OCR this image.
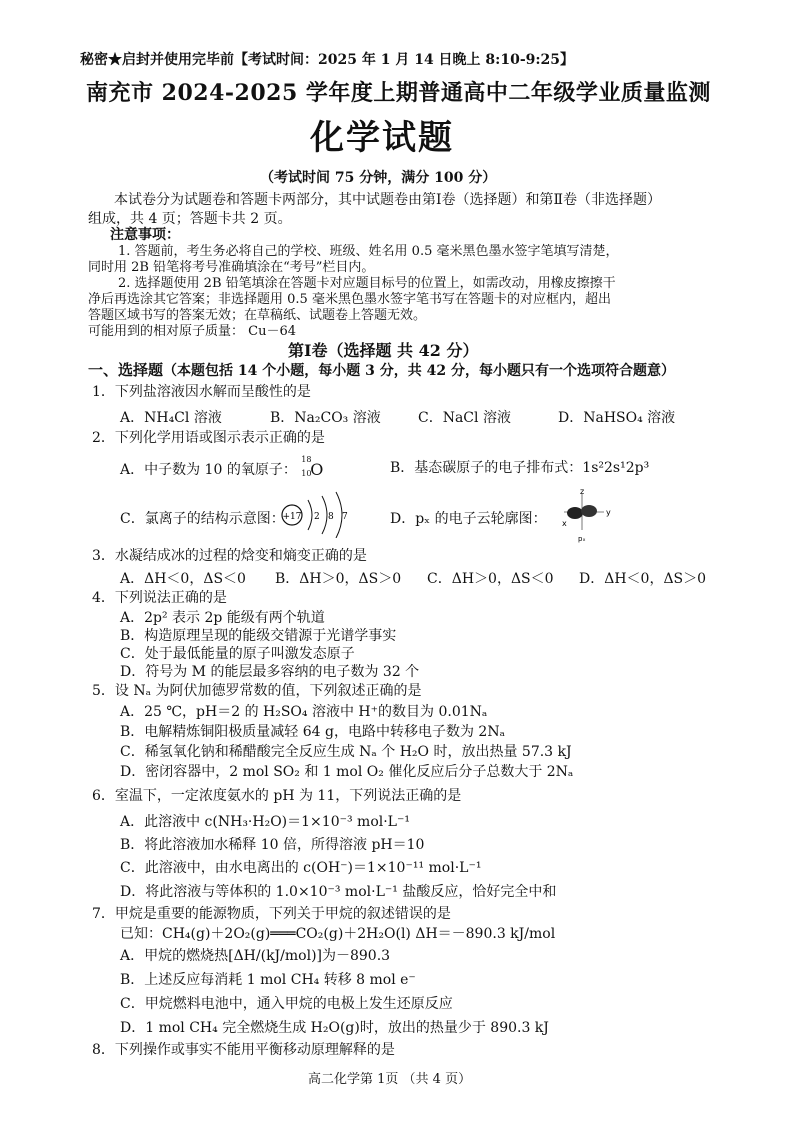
秘密★启封并使用完毕前【考试时间：2025 年 1 月 14 日晚上 8:10-9:25】
南充市 2024-2025 学年度上期普通高中二年级学业质量监测
化学试题
（考试时间 75 分钟，满分 100 分）
本试卷分为试题卷和答题卡两部分，其中试题卷由第Ⅰ卷（选择题）和第Ⅱ卷（非选择题）
组成，共 4 页；答题卡共 2 页。
注意事项：
1. 答题前，考生务必将自己的学校、班级、姓名用 0.5 毫米黑色墨水签字笔填写清楚，
同时用 2B 铅笔将考号准确填涂在“考号”栏目内。
2. 选择题使用 2B 铅笔填涂在答题卡对应题目标号的位置上，如需改动，用橡皮擦擦干
净后再选涂其它答案；非选择题用 0.5 毫米黑色墨水签字笔书写在答题卡的对应框内，超出
答题区域书写的答案无效；在草稿纸、试题卷上答题无效。
可能用到的相对原子质量： Cu－64
第Ⅰ卷（选择题 共 42 分）
一、选择题（本题包括 14 个小题，每小题 3 分，共 42 分，每小题只有一个选项符合题意）
1．下列盐溶液因水解而呈酸性的是
A．NH₄Cl 溶液	B．Na₂CO₃ 溶液	C．NaCl 溶液	D．NaHSO₄ 溶液
2．下列化学用语或图示表示正确的是
A．中子数为 10 的氧原子：
18
10
O	B．基态碳原子的电子排布式：1s²2s¹2p³
C．氯离子的结构示意图：
+17 2 8 7	D．pₓ 的电子云轮廓图：
z
x
y
pₓ
3．水凝结成冰的过程的焓变和熵变正确的是
A．ΔH＜0，ΔS＜0	B．ΔH＞0，ΔS＞0	C．ΔH＞0，ΔS＜0	D．ΔH＜0，ΔS＞0
4．下列说法正确的是
A．2p² 表示 2p 能级有两个轨道
B．构造原理呈现的能级交错源于光谱学事实
C．处于最低能量的原子叫激发态原子
D．符号为 M 的能层最多容纳的电子数为 32 个
5．设 Nₐ 为阿伏加德罗常数的值，下列叙述正确的是
A．25 ℃，pH＝2 的 H₂SO₄ 溶液中 H⁺的数目为 0.01Nₐ
B．电解精炼铜阳极质量减轻 64 g，电路中转移电子数为 2Nₐ
C．稀氢氧化钠和稀醋酸完全反应生成 Nₐ 个 H₂O 时，放出热量 57.3 kJ
D．密闭容器中，2 mol SO₂ 和 1 mol O₂ 催化反应后分子总数大于 2Nₐ
6．室温下，一定浓度氨水的 pH 为 11，下列说法正确的是
A．此溶液中 c(NH₃·H₂O)＝1×10⁻³ mol·L⁻¹
B．将此溶液加水稀释 10 倍，所得溶液 pH＝10
C．此溶液中，由水电离出的 c(OH⁻)＝1×10⁻¹¹ mol·L⁻¹
D．将此溶液与等体积的 1.0×10⁻³ mol·L⁻¹ 盐酸反应，恰好完全中和
7．甲烷是重要的能源物质，下列关于甲烷的叙述错误的是
已知：CH₄(g)＋2O₂(g)═══CO₂(g)＋2H₂O(l) ΔH＝－890.3 kJ/mol
A．甲烷的燃烧热[ΔH/(kJ/mol)]为－890.3
B．上述反应每消耗 1 mol CH₄ 转移 8 mol e⁻
C．甲烷燃料电池中，通入甲烷的电极上发生还原反应
D．1 mol CH₄ 完全燃烧生成 H₂O(g)时，放出的热量少于 890.3 kJ
8．下列操作或事实不能用平衡移动原理解释的是
高二化学第 1页 （共 4 页）
